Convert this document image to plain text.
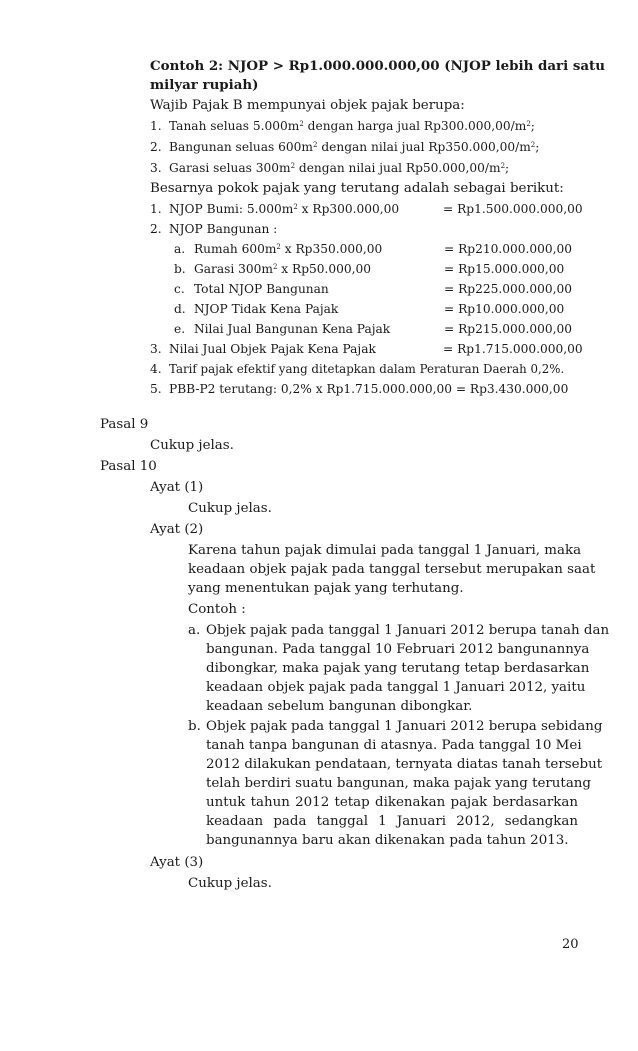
Contoh 2: NJOP > Rp1.000.000.000,00 (NJOP lebih dari satu
milyar rupiah)
Wajib Pajak B mempunyai objek pajak berupa:
1. Tanah seluas $5.000m^2$ dengan harga jual $Rp300.000,00/m^2$;
2. Bangunan seluas $600m^2$ dengan nilai jual $Rp350.000,00/m^2$;
3. Garasi seluas $300m^2$ dengan nilai jual $Rp50.000,00/m^2$;
Besarnya pokok pajak yang terutang adalah sebagai berikut:
1. NJOP Bumi: $5.000m^2$ x Rp300.000,00	= Rp1.500.000.000,00
2. NJOP Bangunan :
a. Rumah $600m^2$ x Rp350.000,00	= Rp210.000.000,00
b. Garasi $300m^2$ x Rp50.000,00	= Rp15.000.000,00
c. Total NJOP Bangunan	= Rp225.000.000,00
d. NJOP Tidak Kena Pajak	= Rp10.000.000,00
e. Nilai Jual Bangunan Kena Pajak	= Rp215.000.000,00
3. Nilai Jual Objek Pajak Kena Pajak	= Rp1.715.000.000,00
4. Tarif pajak efektif yang ditetapkan dalam Peraturan Daerah 0,2%.
5. PBB-P2 terutang: 0,2% x Rp1.715.000.000,00 = Rp3.430.000,00
Pasal 9
Cukup jelas.
Pasal 10
Ayat (1)
Cukup jelas.
Ayat (2)
Karena tahun pajak dimulai pada tanggal 1 Januari, maka
keadaan objek pajak pada tanggal tersebut merupakan saat
yang menentukan pajak yang terhutang.
Contoh :
a. Objek pajak pada tanggal 1 Januari 2012 berupa tanah dan
bangunan. Pada tanggal 10 Februari 2012 bangunannya
dibongkar, maka pajak yang terutang tetap berdasarkan
keadaan objek pajak pada tanggal 1 Januari 2012, yaitu
keadaan sebelum bangunan dibongkar.
b. Objek pajak pada tanggal 1 Januari 2012 berupa sebidang
tanah tanpa bangunan di atasnya. Pada tanggal 10 Mei
2012 dilakukan pendataan, ternyata diatas tanah tersebut
telah berdiri suatu bangunan, maka pajak yang terutang
untuk tahun 2012 tetap dikenakan pajak berdasarkan
keadaan pada tanggal 1 Januari 2012, sedangkan
bangunannya baru akan dikenakan pada tahun 2013.
Ayat (3)
Cukup jelas.
20
